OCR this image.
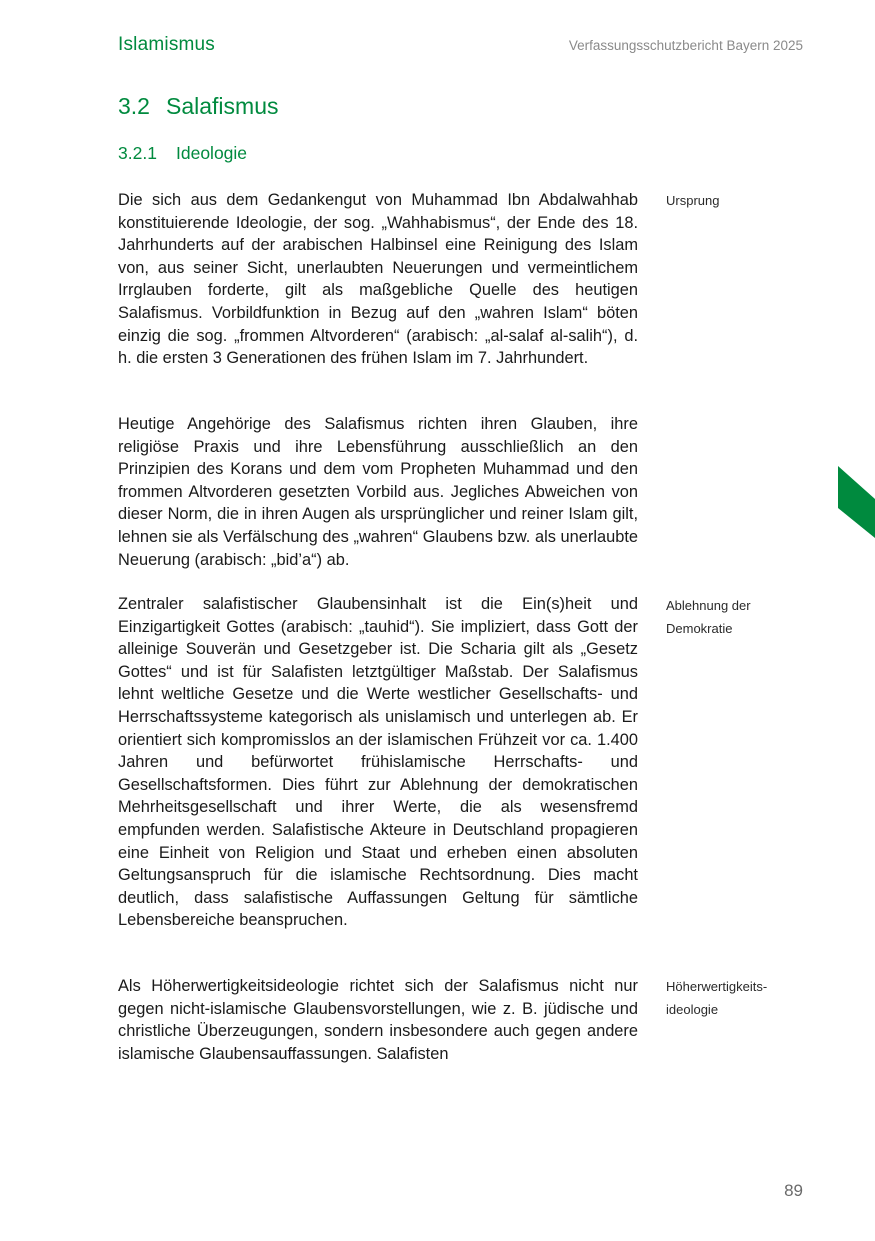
Islamismus	Verfassungsschutzbericht Bayern 2025
3.2 Salafismus
3.2.1 Ideologie

Die sich aus dem Gedankengut von Muhammad Ibn Abdalwahhab konstituierende Ideologie, der sog. „Wahhabismus“, der Ende des 18. Jahrhunderts auf der arabischen Halbinsel eine Reinigung des Islam von, aus seiner Sicht, unerlaubten Neuerungen und vermeintlichem Irrglauben forderte, gilt als maßgebliche Quelle des heutigen Salafismus. Vorbildfunktion in Bezug auf den „wahren Islam“ böten einzig die sog. „frommen Altvorderen“ (arabisch: „al-salaf al-salih“), d. h. die ersten 3 Generationen des frühen Islam im 7. Jahrhundert.

Ursprung

Heutige Angehörige des Salafismus richten ihren Glauben, ihre religiöse Praxis und ihre Lebensführung ausschließlich an den Prinzipien des Korans und dem vom Propheten Muhammad und den frommen Altvorderen gesetzten Vorbild aus. Jegliches Abweichen von dieser Norm, die in ihren Augen als ursprünglicher und reiner Islam gilt, lehnen sie als Verfälschung des „wahren“ Glaubens bzw. als unerlaubte Neuerung (arabisch: „bid’a“) ab.

Zentraler salafistischer Glaubensinhalt ist die Ein(s)heit und Einzigartigkeit Gottes (arabisch: „tauhid“). Sie impliziert, dass Gott der alleinige Souverän und Gesetzgeber ist. Die Scharia gilt als „Gesetz Gottes“ und ist für Salafisten letztgültiger Maßstab. Der Salafismus lehnt weltliche Gesetze und die Werte westlicher Gesellschafts- und Herrschaftssysteme kategorisch als unislamisch und unterlegen ab. Er orientiert sich kompromisslos an der islamischen Frühzeit vor ca. 1.400 Jahren und befürwortet frühislamische Herrschafts- und Gesellschaftsformen. Dies führt zur Ablehnung der demokratischen Mehrheitsgesellschaft und ihrer Werte, die als wesensfremd empfunden werden. Salafistische Akteure in Deutschland propagieren eine Einheit von Religion und Staat und erheben einen absoluten Geltungsanspruch für die islamische Rechtsordnung. Dies macht deutlich, dass salafistische Auffassungen Geltung für sämtliche Lebensbereiche beanspruchen.

Ablehnung der Demokratie

Als Höherwertigkeitsideologie richtet sich der Salafismus nicht nur gegen nicht-islamische Glaubensvorstellungen, wie z. B. jüdische und christliche Überzeugungen, sondern insbesondere auch gegen andere islamische Glaubensauffassungen. Salafisten

Höherwertigkeits- ideologie

89
